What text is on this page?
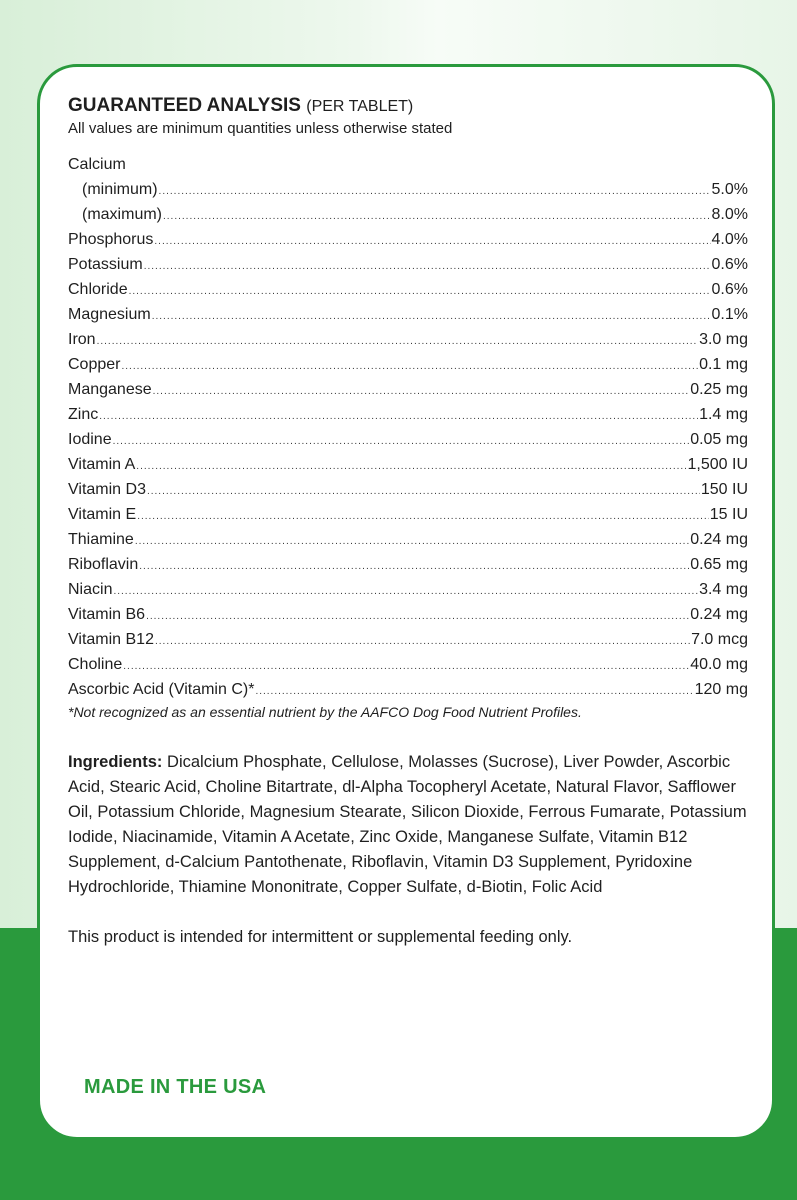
GUARANTEED ANALYSIS (PER TABLET)
All values are minimum quantities unless otherwise stated
Calcium
(minimum) .....	5.0%
(maximum) .....	8.0%
Phosphorus .....	4.0%
Potassium .....	0.6%
Chloride .....	0.6%
Magnesium .....	0.1%
Iron .....	3.0 mg
Copper .....	0.1 mg
Manganese .....	0.25 mg
Zinc .....	1.4 mg
Iodine .....	0.05 mg
Vitamin A .....	1,500 IU
Vitamin D3 .....	150 IU
Vitamin E .....	15 IU
Thiamine .....	0.24 mg
Riboflavin .....	0.65 mg
Niacin .....	3.4 mg
Vitamin B6 .....	0.24 mg
Vitamin B12 .....	7.0 mcg
Choline .....	40.0 mg
Ascorbic Acid (Vitamin C)* .....	120 mg
*Not recognized as an essential nutrient by the AAFCO Dog Food Nutrient Profiles.
Ingredients: Dicalcium Phosphate, Cellulose, Molasses (Sucrose), Liver Powder, Ascorbic Acid, Stearic Acid, Choline Bitartrate, dl-Alpha Tocopheryl Acetate, Natural Flavor, Safflower Oil, Potassium Chloride, Magnesium Stearate, Silicon Dioxide, Ferrous Fumarate, Potassium Iodide, Niacinamide, Vitamin A Acetate, Zinc Oxide, Manganese Sulfate, Vitamin B12 Supplement, d-Calcium Pantothenate, Riboflavin, Vitamin D3 Supplement, Pyridoxine Hydrochloride, Thiamine Mononitrate, Copper Sulfate, d-Biotin, Folic Acid
This product is intended for intermittent or supplemental feeding only.
MADE IN THE USA
